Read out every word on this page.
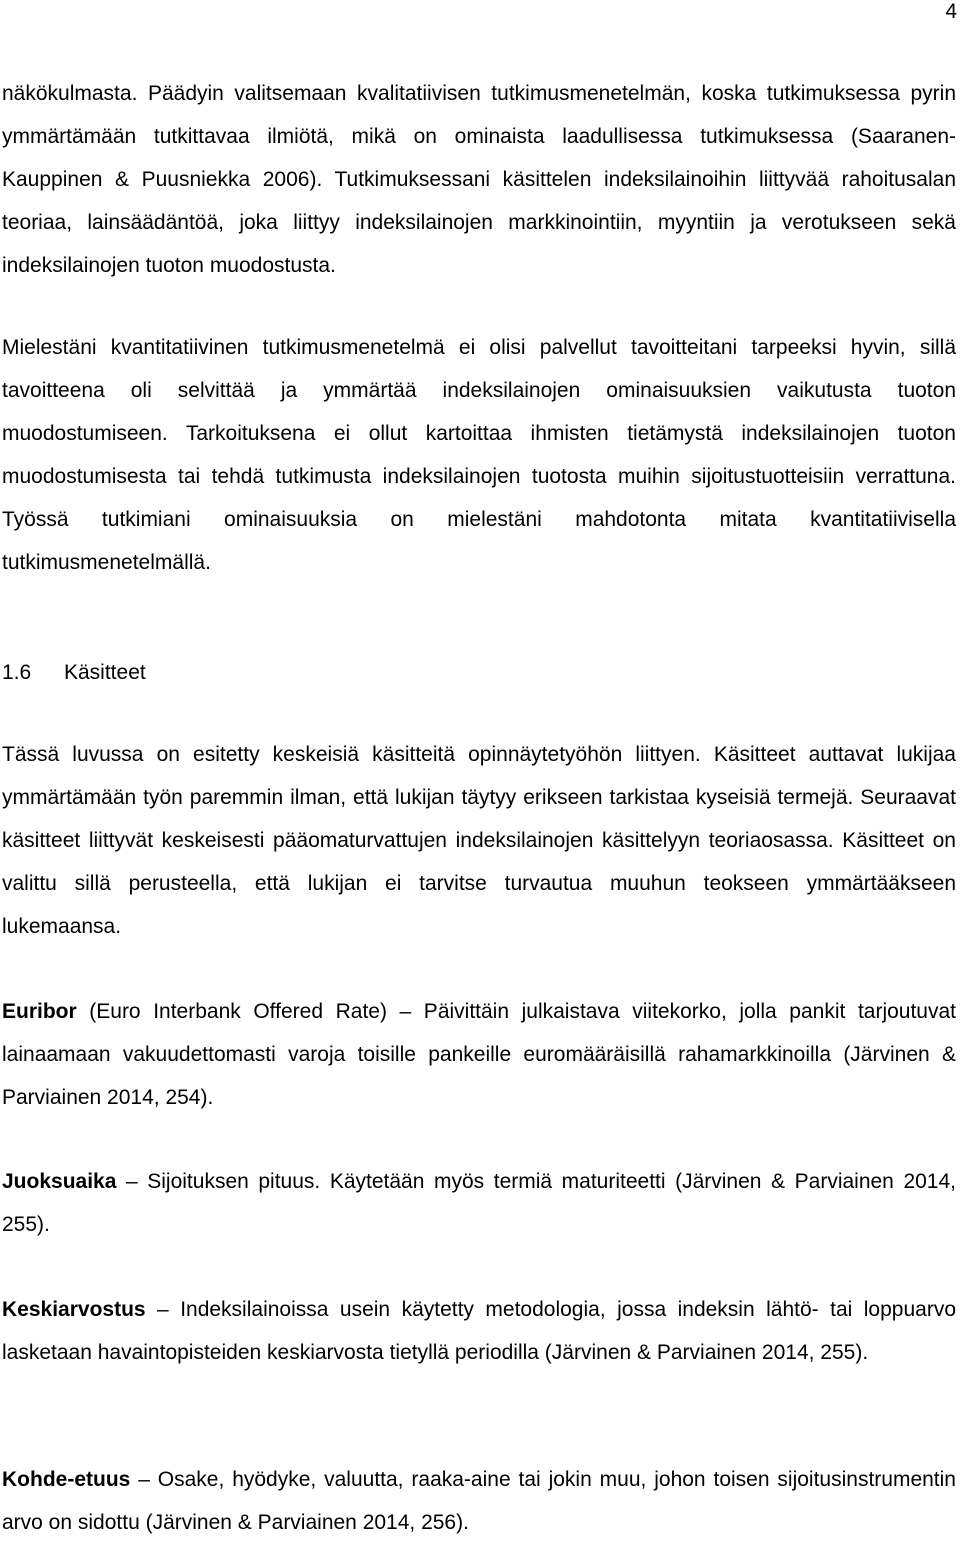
4

näkökulmasta. Päädyin valitsemaan kvalitatiivisen tutkimusmenetelmän, koska tutkimuksessa pyrin ymmärtämään tutkittavaa ilmiötä, mikä on ominaista laadullisessa tutkimuksessa (Saaranen-Kauppinen & Puusniekka 2006). Tutkimuksessani käsittelen indeksilainoihin liittyvää rahoitusalan teoriaa, lainsäädäntöä, joka liittyy indeksilainojen markkinointiin, myyntiin ja verotukseen sekä indeksilainojen tuoton muodostusta.

Mielestäni kvantitatiivinen tutkimusmenetelmä ei olisi palvellut tavoitteitani tarpeeksi hyvin, sillä tavoitteena oli selvittää ja ymmärtää indeksilainojen ominaisuuksien vaikutusta tuoton muodostumiseen. Tarkoituksena ei ollut kartoittaa ihmisten tietämystä indeksilainojen tuoton muodostumisesta tai tehdä tutkimusta indeksilainojen tuotosta muihin sijoitustuotteisiin verrattuna. Työssä tutkimiani ominaisuuksia on mielestäni mahdotonta mitata kvantitatiivisella tutkimusmenetelmällä.

1.6 Käsitteet

Tässä luvussa on esitetty keskeisiä käsitteitä opinnäytetyöhön liittyen. Käsitteet auttavat lukijaa ymmärtämään työn paremmin ilman, että lukijan täytyy erikseen tarkistaa kyseisiä termejä. Seuraavat käsitteet liittyvät keskeisesti pääomaturvattujen indeksilainojen käsittelyyn teoriaosassa. Käsitteet on valittu sillä perusteella, että lukijan ei tarvitse turvautua muuhun teokseen ymmärtääkseen lukemaansa.

Euribor (Euro Interbank Offered Rate) – Päivittäin julkaistava viitekorko, jolla pankit tarjoutuvat lainaamaan vakuudettomasti varoja toisille pankeille euromääräisillä rahamarkkinoilla (Järvinen & Parviainen 2014, 254).

Juoksuaika – Sijoituksen pituus. Käytetään myös termiä maturiteetti (Järvinen & Parviainen 2014, 255).

Keskiarvostus – Indeksilainoissa usein käytetty metodologia, jossa indeksin lähtö- tai loppuarvo lasketaan havaintopisteiden keskiarvosta tietyllä periodilla (Järvinen & Parviainen 2014, 255).

Kohde-etuus – Osake, hyödyke, valuutta, raaka-aine tai jokin muu, johon toisen sijoitusinstrumentin arvo on sidottu (Järvinen & Parviainen 2014, 256).
